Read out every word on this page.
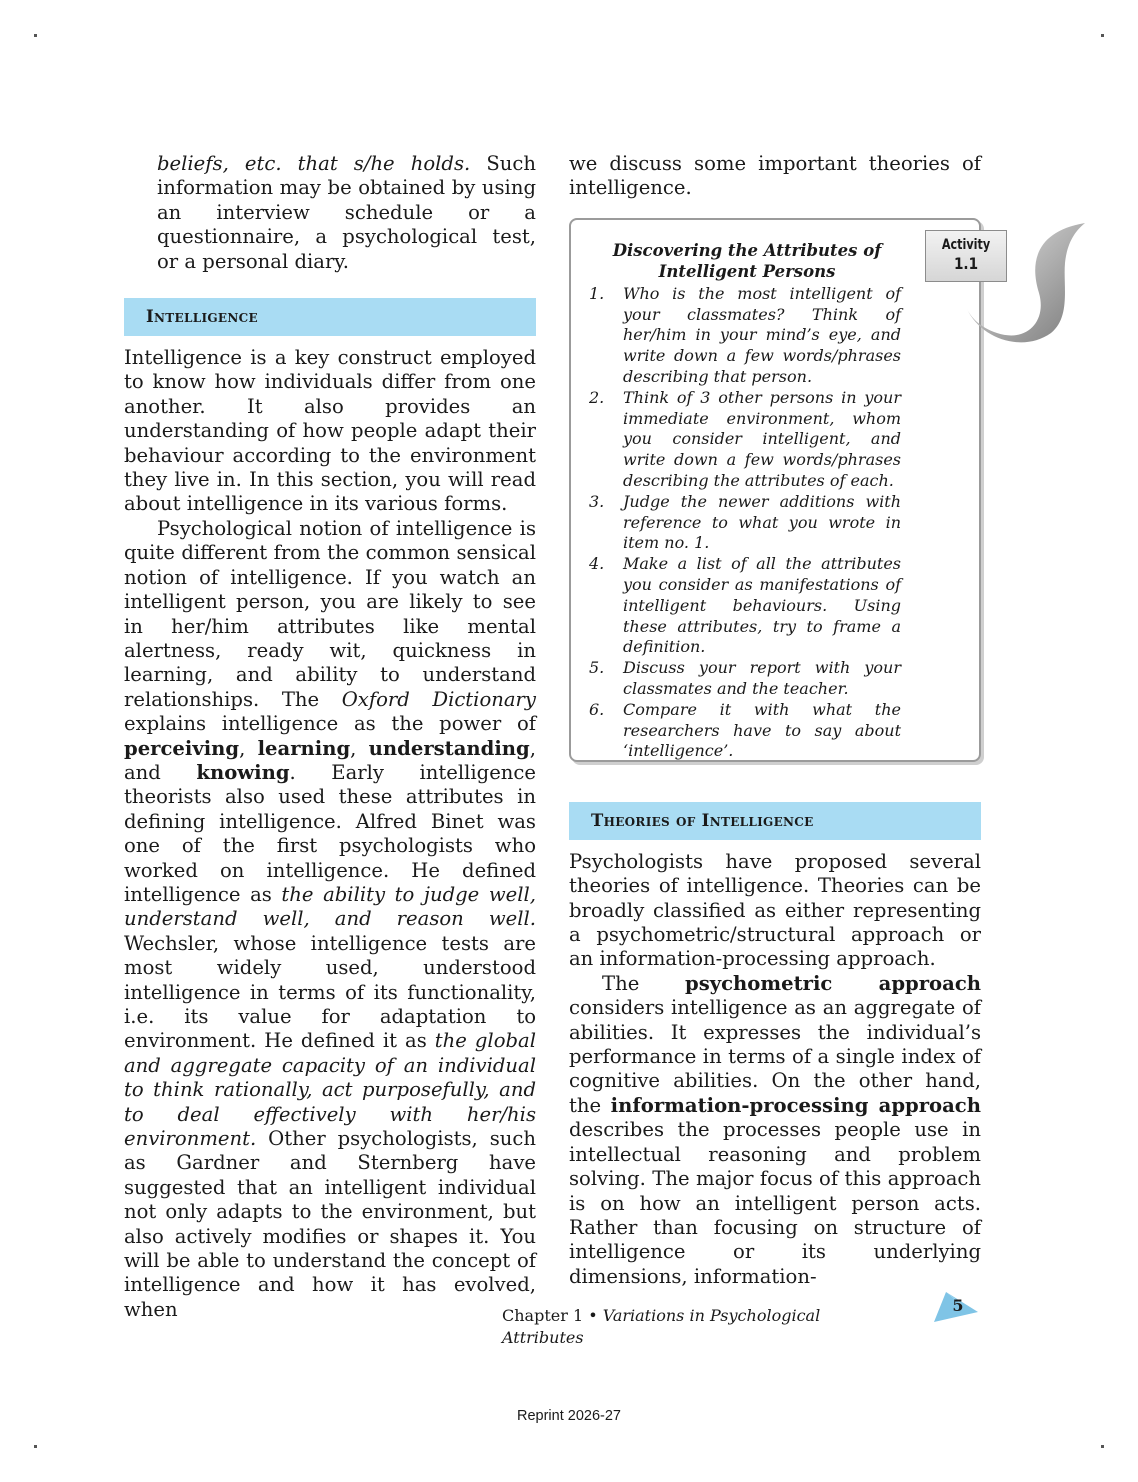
beliefs, etc. that s/he holds. Such information may be obtained by using an interview schedule or a questionnaire, a psychological test, or a personal diary.

Intelligence

Intelligence is a key construct employed to know how individuals differ from one another. It also provides an understanding of how people adapt their behaviour according to the environment they live in. In this section, you will read about intelligence in its various forms.

Psychological notion of intelligence is quite different from the common sensical notion of intelligence. If you watch an intelligent person, you are likely to see in her/him attributes like mental alertness, ready wit, quickness in learning, and ability to understand relationships. The Oxford Dictionary explains intelligence as the power of perceiving, learning, understanding, and knowing. Early intelligence theorists also used these attributes in defining intelligence. Alfred Binet was one of the first psychologists who worked on intelligence. He defined intelligence as the ability to judge well, understand well, and reason well. Wechsler, whose intelligence tests are most widely used, understood intelligence in terms of its functionality, i.e. its value for adaptation to environment. He defined it as the global and aggregate capacity of an individual to think rationally, act purposefully, and to deal effectively with her/his environment. Other psychologists, such as Gardner and Sternberg have suggested that an intelligent individual not only adapts to the environment, but also actively modifies or shapes it. You will be able to understand the concept of intelligence and how it has evolved, when

we discuss some important theories of intelligence.

Activity
1.1
Discovering the Attributes of Intelligent Persons
1. Who is the most intelligent of your classmates? Think of her/him in your mind’s eye, and write down a few words/phrases describing that person.
2. Think of 3 other persons in your immediate environment, whom you consider intelligent, and write down a few words/phrases describing the attributes of each.
3. Judge the newer additions with reference to what you wrote in item no. 1.
4. Make a list of all the attributes you consider as manifestations of intelligent behaviours. Using these attributes, try to frame a definition.
5. Discuss your report with your classmates and the teacher.
6. Compare it with what the researchers have to say about ‘intelligence’.
Theories of Intelligence

Psychologists have proposed several theories of intelligence. Theories can be broadly classified as either representing a psychometric/structural approach or an information-processing approach.

The psychometric approach considers intelligence as an aggregate of abilities. It expresses the individual’s performance in terms of a single index of cognitive abilities. On the other hand, the information-processing approach describes the processes people use in intellectual reasoning and problem solving. The major focus of this approach is on how an intelligent person acts. Rather than focusing on structure of intelligence or its underlying dimensions, information-

Chapter 1 • Variations in Psychological Attributes
5
Reprint 2026-27
